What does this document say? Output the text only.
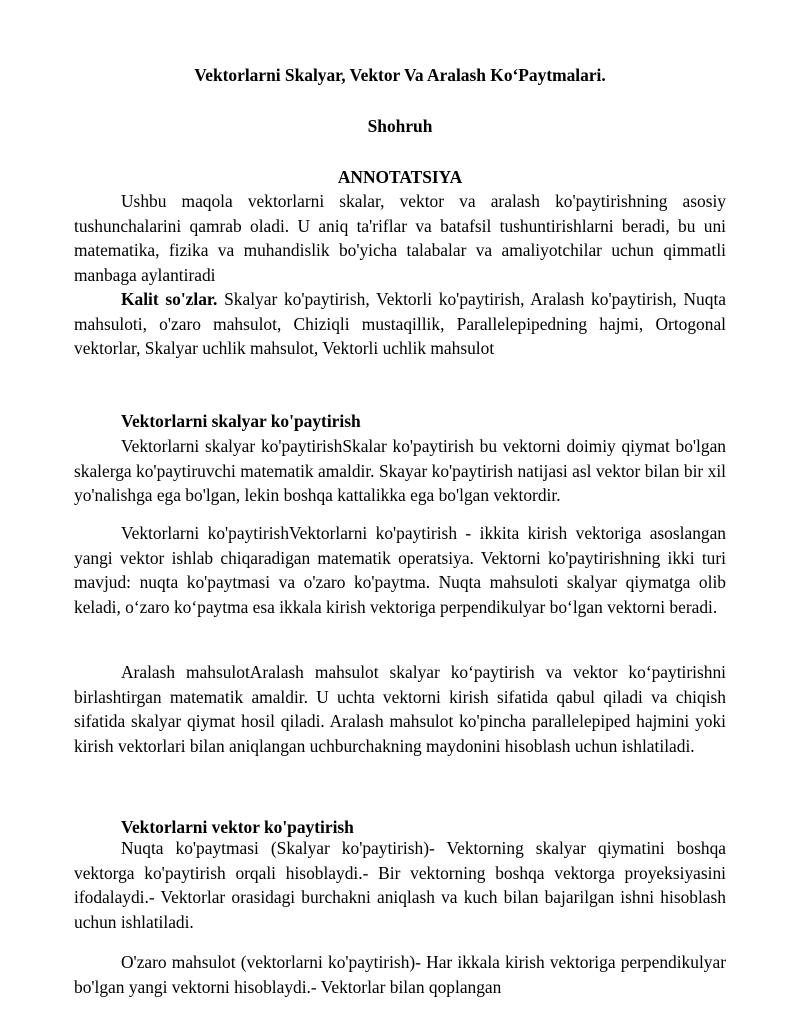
Vektorlarni Skalyar, Vektor Va Aralash Ko‘Paytmalari.

Shohruh

ANNOTATSIYA

Ushbu maqola vektorlarni skalar, vektor va aralash ko'paytirishning asosiy tushunchalarini qamrab oladi. U aniq ta'riflar va batafsil tushuntirishlarni beradi, bu uni matematika, fizika va muhandislik bo'yicha talabalar va amaliyotchilar uchun qimmatli manbaga aylantiradi

Kalit so'zlar. Skalyar ko'paytirish, Vektorli ko'paytirish, Aralash ko'paytirish, Nuqta mahsuloti, o'zaro mahsulot, Chiziqli mustaqillik, Parallelepipedning hajmi, Ortogonal vektorlar, Skalyar uchlik mahsulot, Vektorli uchlik mahsulot

Vektorlarni skalyar ko'paytirish

Vektorlarni skalyar ko'paytirishSkalar ko'paytirish bu vektorni doimiy qiymat bo'lgan skalerga ko'paytiruvchi matematik amaldir. Skayar ko'paytirish natijasi asl vektor bilan bir xil yo'nalishga ega bo'lgan, lekin boshqa kattalikka ega bo'lgan vektordir.

Vektorlarni ko'paytirishVektorlarni ko'paytirish - ikkita kirish vektoriga asoslangan yangi vektor ishlab chiqaradigan matematik operatsiya. Vektorni ko'paytirishning ikki turi mavjud: nuqta ko'paytmasi va o'zaro ko'paytma. Nuqta mahsuloti skalyar qiymatga olib keladi, o‘zaro ko‘paytma esa ikkala kirish vektoriga perpendikulyar bo‘lgan vektorni beradi.

Aralash mahsulotAralash mahsulot skalyar ko‘paytirish va vektor ko‘paytirishni birlashtirgan matematik amaldir. U uchta vektorni kirish sifatida qabul qiladi va chiqish sifatida skalyar qiymat hosil qiladi. Aralash mahsulot ko'pincha parallelepiped hajmini yoki kirish vektorlari bilan aniqlangan uchburchakning maydonini hisoblash uchun ishlatiladi.

Vektorlarni vektor ko'paytirish

Nuqta ko'paytmasi (Skalyar ko'paytirish)- Vektorning skalyar qiymatini boshqa vektorga ko'paytirish orqali hisoblaydi.- Bir vektorning boshqa vektorga proyeksiyasini ifodalaydi.- Vektorlar orasidagi burchakni aniqlash va kuch bilan bajarilgan ishni hisoblash uchun ishlatiladi.

O'zaro mahsulot (vektorlarni ko'paytirish)- Har ikkala kirish vektoriga perpendikulyar bo'lgan yangi vektorni hisoblaydi.- Vektorlar bilan qoplangan
